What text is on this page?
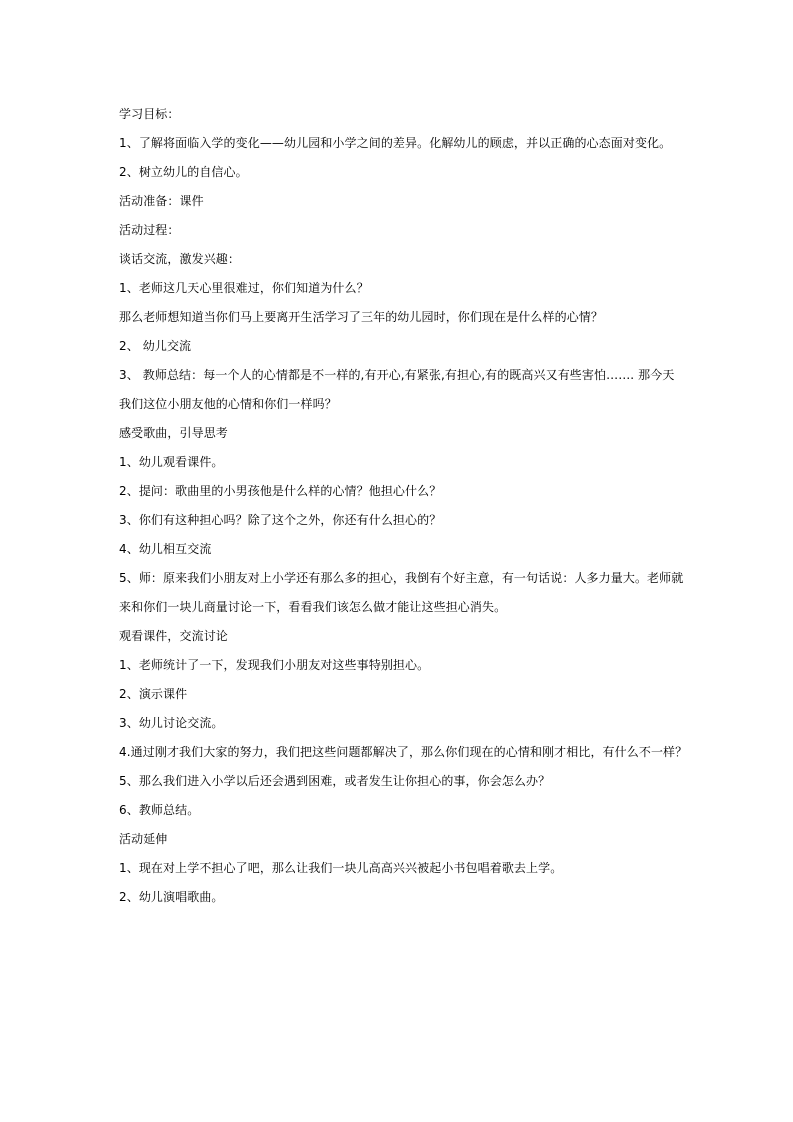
学习目标：
1、了解将面临入学的变化——幼儿园和小学之间的差异。化解幼儿的顾虑，并以正确的心态面对变化。
2、树立幼儿的自信心。
活动准备：课件
活动过程：
谈话交流，激发兴趣：
1、老师这几天心里很难过，你们知道为什么？
那么老师想知道当你们马上要离开生活学习了三年的幼儿园时，你们现在是什么样的心情？
2、 幼儿交流
3、 教师总结：每一个人的心情都是不一样的,有开心,有紧张,有担心,有的既高兴又有些害怕……. 那今天
我们这位小朋友他的心情和你们一样吗？
感受歌曲，引导思考
1、幼儿观看课件。
2、提问：歌曲里的小男孩他是什么样的心情？他担心什么？
3、你们有这种担心吗？除了这个之外，你还有什么担心的？
4、幼儿相互交流
5、师：原来我们小朋友对上小学还有那么多的担心，我倒有个好主意，有一句话说：人多力量大。老师就
来和你们一块儿商量讨论一下，看看我们该怎么做才能让这些担心消失。
观看课件，交流讨论
1、老师统计了一下，发现我们小朋友对这些事特别担心。
2、演示课件
3、幼儿讨论交流。
4.通过刚才我们大家的努力，我们把这些问题都解决了，那么你们现在的心情和刚才相比，有什么不一样？
5、那么我们进入小学以后还会遇到困难，或者发生让你担心的事，你会怎么办？
6、教师总结。
活动延伸
1、现在对上学不担心了吧，那么让我们一块儿高高兴兴被起小书包唱着歌去上学。
2、幼儿演唱歌曲。
